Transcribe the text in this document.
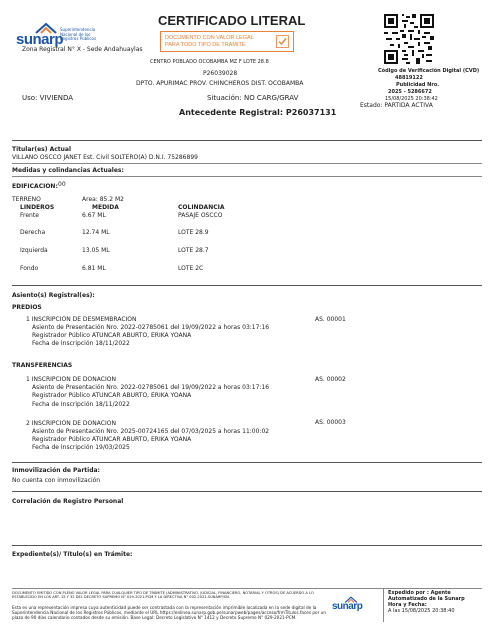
sunarp
Superintendencia Nacional de los Registros Públicos
CERTIFICADO LITERAL
DOCUMENTO CON VALOR LEGAL
PARA TODO TIPO DE TRAMITE
Zona Registral N° X - Sede Andahuaylas
CENTRO POBLADO OCOBAMBA MZ F LOTE 28.8
P26039028
DPTO. APURIMAC PROV. CHINCHEROS DIST. OCOBAMBA
Uso: VIVIENDA	Situación: NO CARG/GRAV
Antecedente Registral: P26037131
Código de Verificación Digital (CVD)
48819122
Publicidad Nro.
2025 - 5286672
15/08/2025 20:38:42
Estado: PARTIDA ACTIVA
Titular(es) Actual
VILLANO OSCCO JANET Est. Civil SOLTERO(A) D.N.I. 75286899
Medidas y colindancias Actuales:
EDIFICACION: 00
TERRENO	Area: 85.2 M2
LINDEROS	MEDIDA	COLINDANCIA
Frente	6.67 ML	PASAJE OSCCO
Derecha	12.74 ML	LOTE 28.9
Izquierda	13.05 ML	LOTE 28.7
Fondo	6.81 ML	LOTE 2C
Asiento(s) Registral(es):
PREDIOS
1 INSCRIPCION DE DESMEMBRACION	AS. 00001
Asiento de Presentación Nro. 2022-02785061 del 19/09/2022 a horas 03:17:16
Registrador Público ATUNCAR ABURTO, ERIKA YOANA
Fecha de Inscripción 18/11/2022
TRANSFERENCIAS
1 INSCRIPCION DE DONACION	AS. 00002
Asiento de Presentación Nro. 2022-02785061 del 19/09/2022 a horas 03:17:16
Registrador Público ATUNCAR ABURTO, ERIKA YOANA
Fecha de Inscripción 18/11/2022
2 INSCRIPCION DE DONACION	AS. 00003
Asiento de Presentación Nro. 2025-00724165 del 07/03/2025 a horas 11:00:02
Registrador Público ATUNCAR ABURTO, ERIKA YOANA
Fecha de Inscripción 19/03/2025
Inmovilización de Partida:
No cuenta con inmovilización
Correlación de Registro Personal
Expediente(s)/ Título(s) en Trámite:
DOCUMENTO EMITIDO CON PLENO VALOR LEGAL PARA CUALQUIER TIPO DE TRÁMITE (ADMINISTRATIVO, JUDICIAL, FINANCIERO, NOTARIAL Y OTROS) DE ACUERDO A LO ESTABLECIDO EN LOS ART. 15 Y 32 DEL DECRETO SUPREMO N° 029-2021-PCM Y LA DIRECTIVA N° 002-2021-SUNARP/SN.
Esta es una representación impresa cuya autenticidad puede ser contrastada con la representación imprimible localizada en la sede digital de la Superintendencia Nacional de los Registros Públicos, mediante el URL https://enlinea.sunarp.gob.pe/sunarpweb/pages/acceso/frmTitulos.faces por un plazo de 90 días calendario contados desde su emisión. Base Legal: Decreto Legislativo N° 1412 y Decreto Supremo N° 029-2021-PCM.
sunarp
Expedido por : Agente Automatizado de la Sunarp
Hora y Fecha:
A las 15/08/2025 20:38:40
